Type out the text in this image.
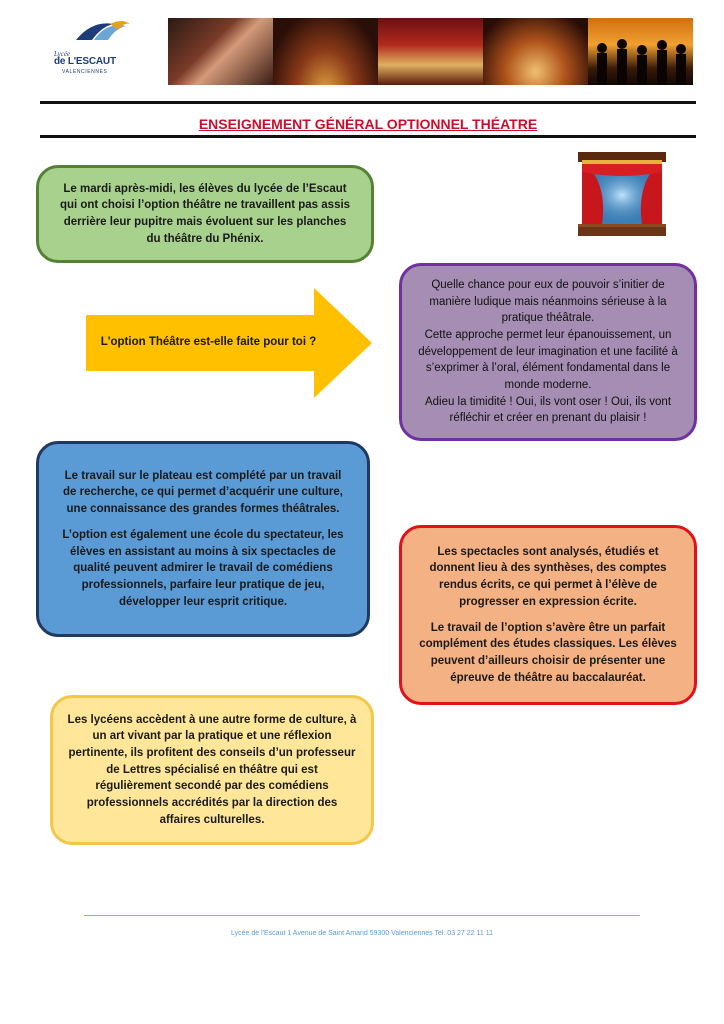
Lycée
de L'ESCAUT
VALENCIENNES
ENSEIGNEMENT GÉNÉRAL OPTIONNEL THÉATRE

Le mardi après-midi, les élèves du lycée de l’Escaut qui ont choisi l’option théâtre ne travaillent pas assis derrière leur pupitre mais évoluent sur les planches du théâtre du Phénix.

L'option Théâtre est-elle faite pour toi ?
Quelle chance pour eux de pouvoir s’initier de manière ludique mais néanmoins sérieuse à la pratique théâtrale.
Cette approche permet leur épanouissement, un développement de leur imagination et une facilité à s’exprimer à l’oral, élément fondamental dans le monde moderne.
Adieu la timidité ! Oui, ils vont oser ! Oui, ils vont réfléchir et créer en prenant du plaisir !

Le travail sur le plateau est complété par un travail de recherche, ce qui permet d’acquérir une culture, une connaissance des grandes formes théâtrales.

L’option est également une école du spectateur, les élèves en assistant au moins à six spectacles de qualité peuvent admirer le travail de comédiens professionnels, parfaire leur pratique de jeu, développer leur esprit critique.

Les spectacles sont analysés, étudiés et donnent lieu à des synthèses, des comptes rendus écrits, ce qui permet à l’élève de progresser en expression écrite.

Le travail de l’option s’avère être un parfait complément des études classiques. Les élèves peuvent d’ailleurs choisir de présenter une épreuve de théâtre au baccalauréat.

Les lycéens accèdent à une autre forme de culture, à un art vivant par la pratique et une réflexion pertinente, ils profitent des conseils d’un professeur de Lettres spécialisé en théâtre qui est régulièrement secondé par des comédiens professionnels accrédités par la direction des affaires culturelles.

Lycée de l'Escaut 1 Avenue de Saint Amand 59300 Valenciennes Tel. 03 27 22 11 11
